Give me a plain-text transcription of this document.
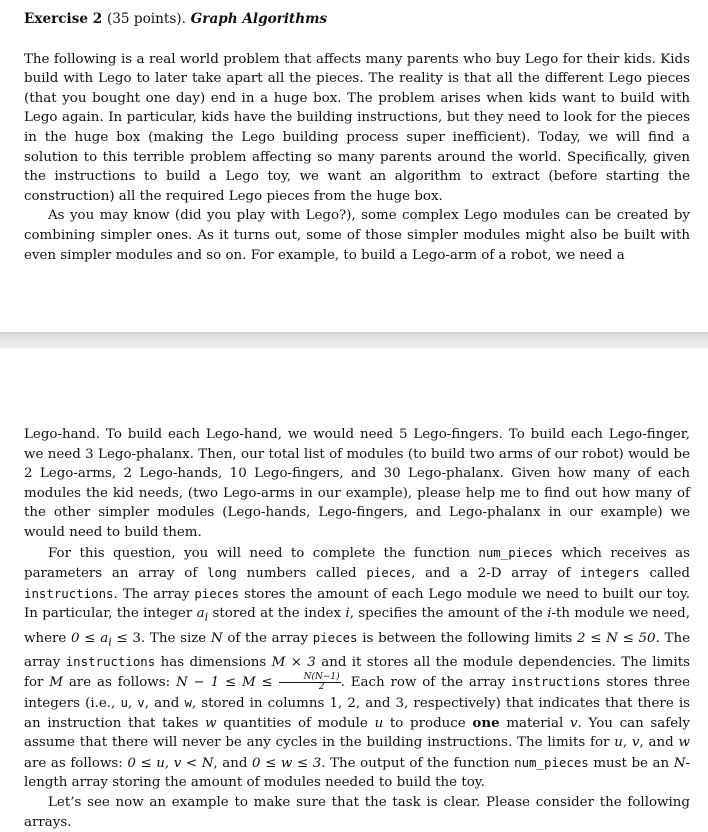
Exercise 2 (35 points). Graph Algorithms

The following is a real world problem that affects many parents who buy Lego for their kids. Kids build with Lego to later take apart all the pieces. The reality is that all the different Lego pieces (that you bought one day) end in a huge box. The problem arises when kids want to build with Lego again. In particular, kids have the building instructions, but they need to look for the pieces in the huge box (making the Lego building process super inefficient). Today, we will find a solution to this terrible problem affecting so many parents around the world. Specifically, given the instructions to build a Lego toy, we want an algorithm to extract (before starting the construction) all the required Lego pieces from the huge box.

As you may know (did you play with Lego?), some complex Lego modules can be created by combining simpler ones. As it turns out, some of those simpler modules might also be built with even simpler modules and so on. For example, to build a Lego-arm of a robot, we need a

Lego-hand. To build each Lego-hand, we would need 5 Lego-fingers. To build each Lego-finger, we need 3 Lego-phalanx. Then, our total list of modules (to build two arms of our robot) would be 2 Lego-arms, 2 Lego-hands, 10 Lego-fingers, and 30 Lego-phalanx. Given how many of each modules the kid needs, (two Lego-arms in our example), please help me to find out how many of the other simpler modules (Lego-hands, Lego-fingers, and Lego-phalanx in our example) we would need to build them.

For this question, you will need to complete the function num_pieces which receives as parameters an array of long numbers called pieces, and a 2-D array of integers called instructions. The array pieces stores the amount of each Lego module we need to built our toy. In particular, the integer $a_i$ stored at the index i, specifies the amount of the i-th module we need, where $0 \le a_i \le 3$. The size N of the array pieces is between the following limits 2 ≤ N ≤ 50. The array instructions has dimensions M × 3 and it stores all the module dependencies. The limits for M are as follows: $N - 1 \le M \le \frac{N(N-1)}{2}$ . Each row of the array instructions stores three integers (i.e., u, v, and w, stored in columns 1, 2, and 3, respectively) that indicates that there is an instruction that takes w quantities of module u to produce one material v. You can safely assume that there will never be any cycles in the building instructions. The limits for u, v, and w are as follows: 0 ≤ u, v < N, and 0 ≤ w ≤ 3. The output of the function num_pieces must be an N-length array storing the amount of modules needed to build the toy.

Let’s see now an example to make sure that the task is clear. Please consider the following arrays.
